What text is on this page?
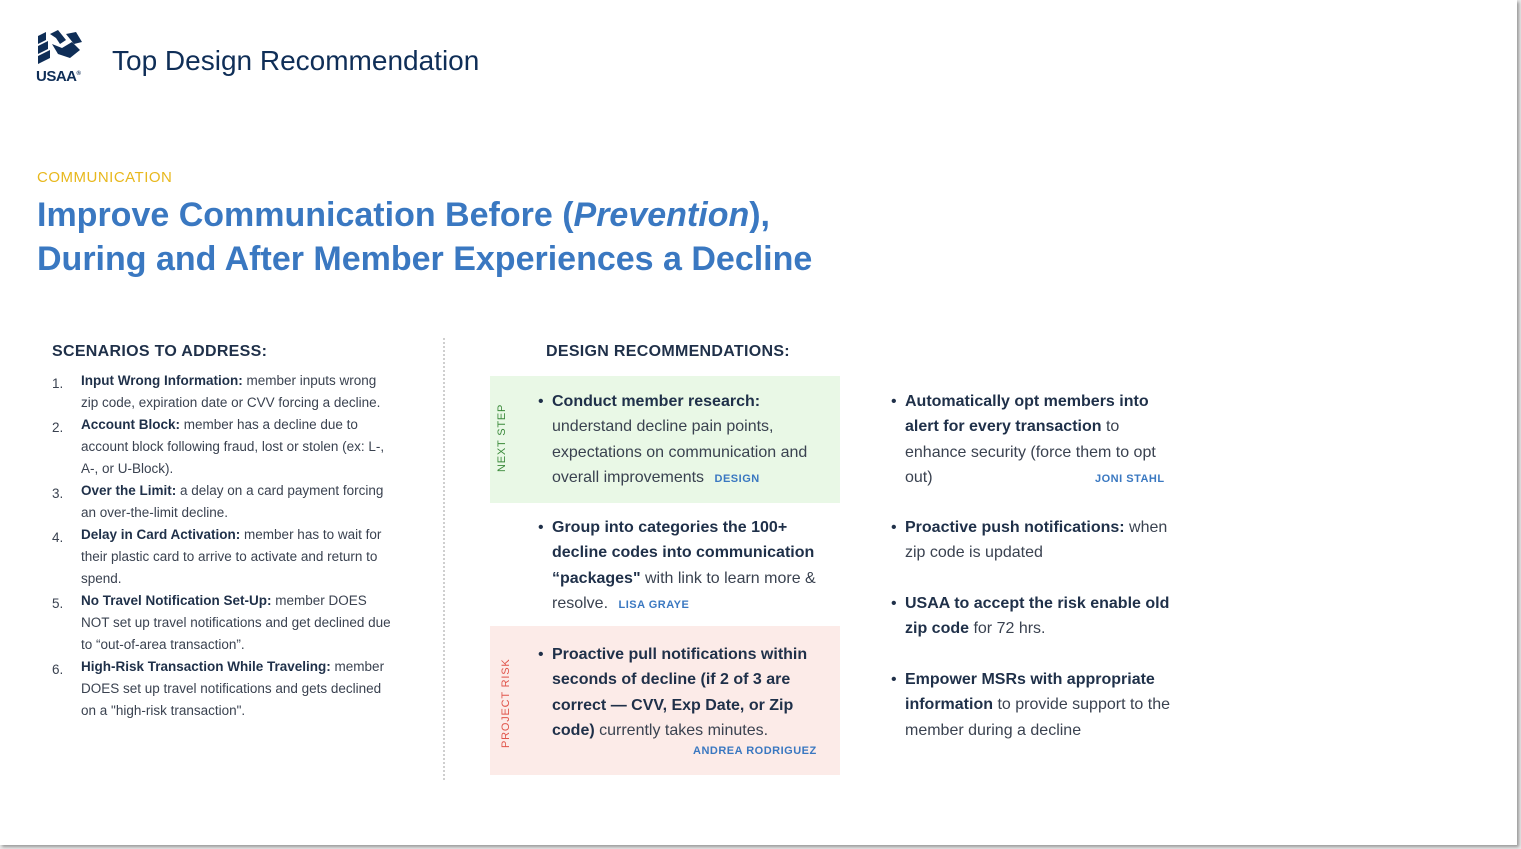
USAA® Top Design Recommendation
COMMUNICATION
Improve Communication Before (Prevention),
During and After Member Experiences a Decline
SCENARIOS TO ADDRESS:
1. Input Wrong Information: member inputs wrong zip code, expiration date or CVV forcing a decline.
2. Account Block: member has a decline due to account block following fraud, lost or stolen (ex: L-, A-, or U-Block).
3. Over the Limit: a delay on a card payment forcing an over-the-limit decline.
4. Delay in Card Activation: member has to wait for their plastic card to arrive to activate and return to spend.
5. No Travel Notification Set-Up: member DOES NOT set up travel notifications and get declined due to “out-of-area transaction”.
6. High-Risk Transaction While Traveling: member DOES set up travel notifications and gets declined on a "high-risk transaction".
DESIGN RECOMMENDATIONS:
NEXT STEP
PROJECT RISK
• Conduct member research: understand decline pain points, expectations on communication and overall improvements DESIGN
• Group into categories the 100+ decline codes into communication “packages" with link to learn more & resolve. LISA GRAYE
• Proactive pull notifications within seconds of decline (if 2 of 3 are correct — CVV, Exp Date, or Zip code) currently takes minutes.
ANDREA RODRIGUEZ
• Automatically opt members into alert for every transaction to enhance security (force them to opt out)	JONI STAHL
• Proactive push notifications: when zip code is updated
• USAA to accept the risk enable old zip code for 72 hrs.
• Empower MSRs with appropriate information to provide support to the member during a decline
